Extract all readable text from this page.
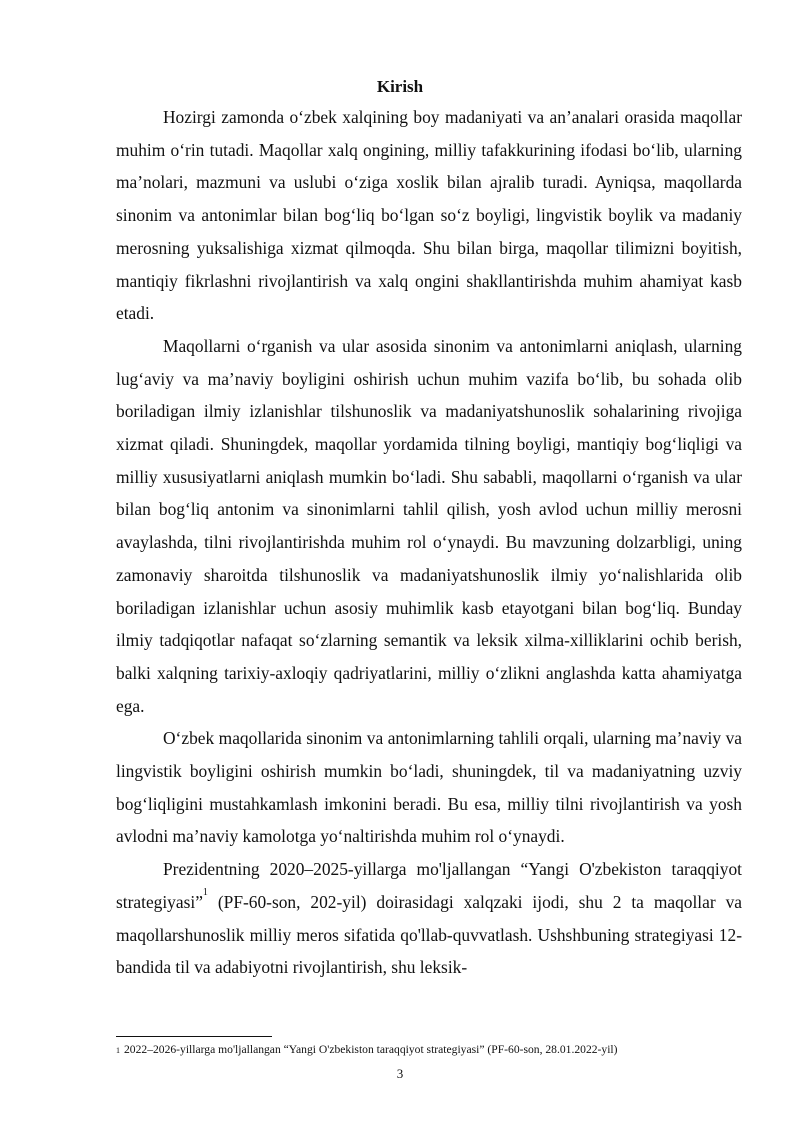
Kirish

Hozirgi zamonda o‘zbek xalqining boy madaniyati va an’analari orasida maqollar muhim o‘rin tutadi. Maqollar xalq ongining, milliy tafakkurining ifodasi bo‘lib, ularning ma’nolari, mazmuni va uslubi o‘ziga xoslik bilan ajralib turadi. Ayniqsa, maqollarda sinonim va antonimlar bilan bog‘liq bo‘lgan so‘z boyligi, lingvistik boylik va madaniy merosning yuksalishiga xizmat qilmoqda. Shu bilan birga, maqollar tilimizni boyitish, mantiqiy fikrlashni rivojlantirish va xalq ongini shakllantirishda muhim ahamiyat kasb etadi.

Maqollarni o‘rganish va ular asosida sinonim va antonimlarni aniqlash, ularning lug‘aviy va ma’naviy boyligini oshirish uchun muhim vazifa bo‘lib, bu sohada olib boriladigan ilmiy izlanishlar tilshunoslik va madaniyatshunoslik sohalarining rivojiga xizmat qiladi. Shuningdek, maqollar yordamida tilning boyligi, mantiqiy bog‘liqligi va milliy xususiyatlarni aniqlash mumkin bo‘ladi. Shu sababli, maqollarni o‘rganish va ular bilan bog‘liq antonim va sinonimlarni tahlil qilish, yosh avlod uchun milliy merosni avaylashda, tilni rivojlantirishda muhim rol o‘ynaydi. Bu mavzuning dolzarbligi, uning zamonaviy sharoitda tilshunoslik va madaniyatshunoslik ilmiy yo‘nalishlarida olib boriladigan izlanishlar uchun asosiy muhimlik kasb etayotgani bilan bog‘liq. Bunday ilmiy tadqiqotlar nafaqat so‘zlarning semantik va leksik xilma-xilliklarini ochib berish, balki xalqning tarixiy-axloqiy qadriyatlarini, milliy o‘zlikni anglashda katta ahamiyatga ega.

O‘zbek maqollarida sinonim va antonimlarning tahlili orqali, ularning ma’naviy va lingvistik boyligini oshirish mumkin bo‘ladi, shuningdek, til va madaniyatning uzviy bog‘liqligini mustahkamlash imkonini beradi. Bu esa, milliy tilni rivojlantirish va yosh avlodni ma’naviy kamolotga yo‘naltirishda muhim rol o‘ynaydi.

Prezidentning 2020–2025-yillarga mo'ljallangan “Yangi O'zbekiston taraqqiyot strategiyasi”$^1$ (PF-60-son, 202-yil) doirasidagi xalqzaki ijodi, shu 2 ta maqollar va maqollarshunoslik milliy meros sifatida qo'llab-quvvatlash. Ushshbuning strategiyasi 12-bandida til va adabiyotni rivojlantirish, shu leksik-

$^1$ 2022–2026-yillarga mo'ljallangan “Yangi O'zbekiston taraqqiyot strategiyasi” (PF-60-son, 28.01.2022-yil)
3
